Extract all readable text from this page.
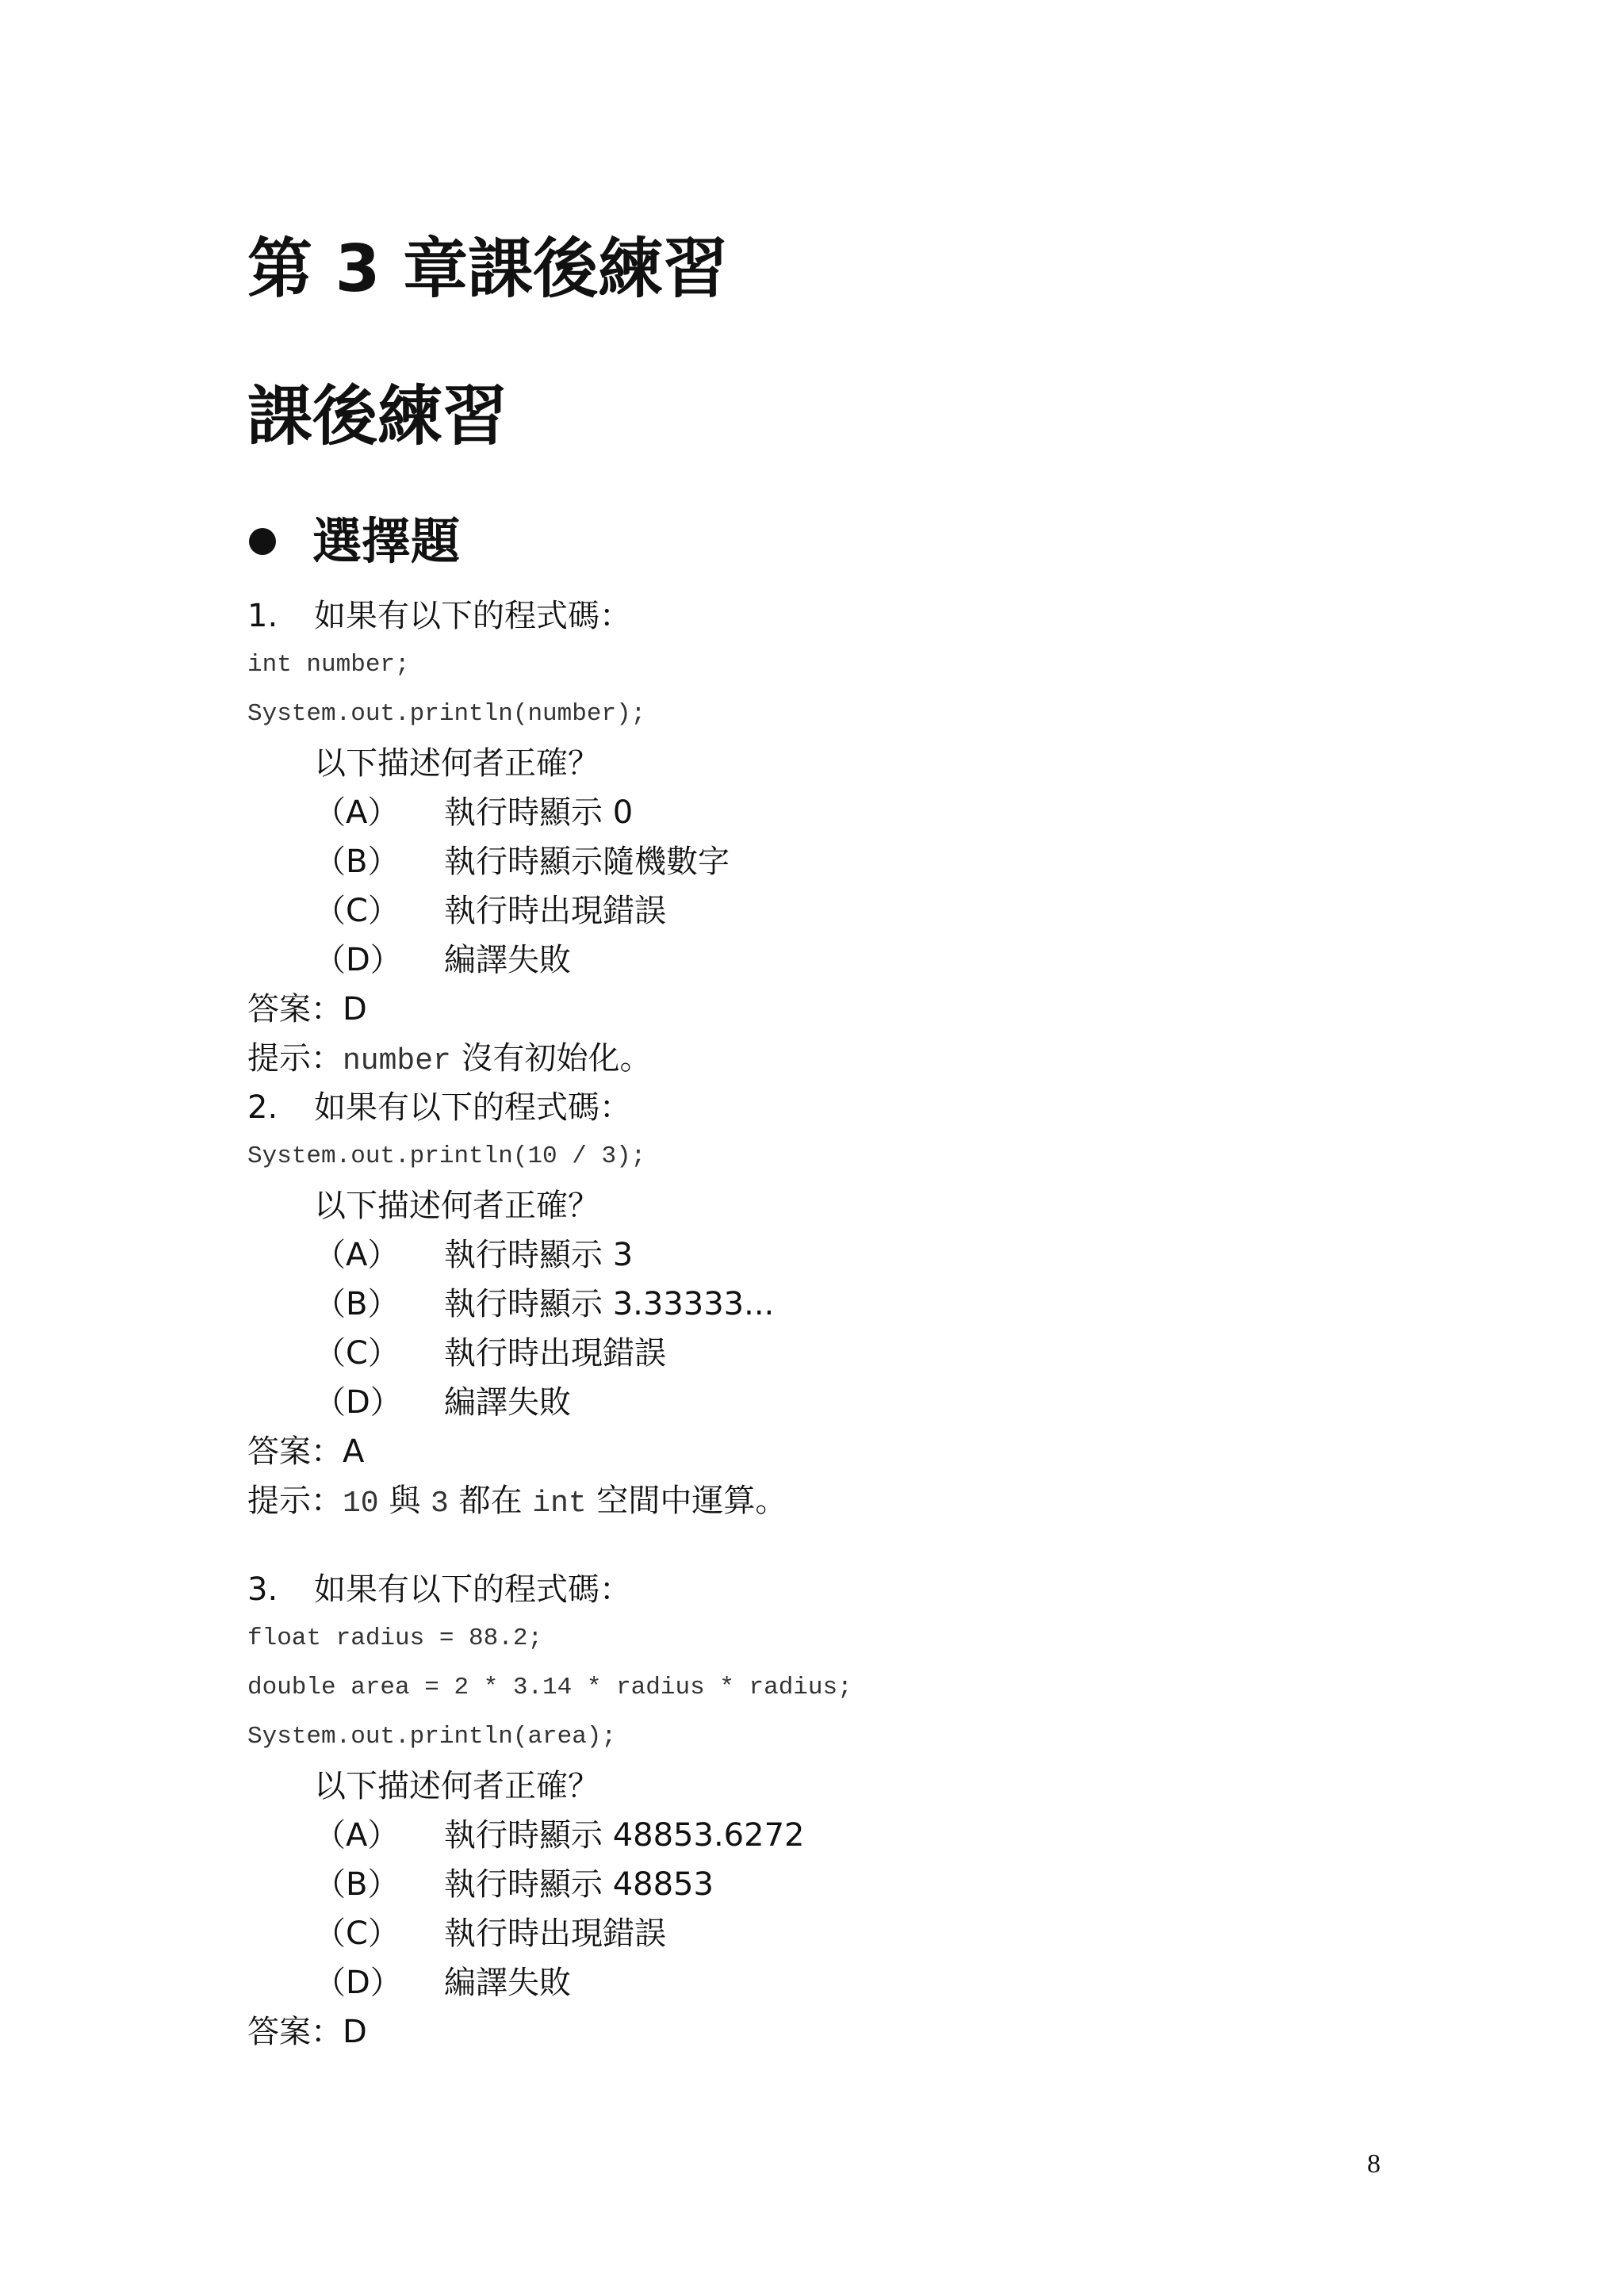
第 3 章課後練習
課後練習
選擇題
1. 如果有以下的程式碼：
int number;
System.out.println(number);
以下描述何者正確？
（A） 執行時顯示 0
（B） 執行時顯示隨機數字
（C） 執行時出現錯誤
（D） 編譯失敗
答案：D
提示：number 沒有初始化。
2. 如果有以下的程式碼：
System.out.println(10 / 3);
以下描述何者正確？
（A） 執行時顯示 3
（B） 執行時顯示 3.33333...
（C） 執行時出現錯誤
（D） 編譯失敗
答案：A
提示：10 與 3 都在 int 空間中運算。
3. 如果有以下的程式碼：
float radius = 88.2;
double area = 2 * 3.14 * radius * radius;
System.out.println(area);
以下描述何者正確？
（A） 執行時顯示 48853.6272
（B） 執行時顯示 48853
（C） 執行時出現錯誤
（D） 編譯失敗
答案：D
8
